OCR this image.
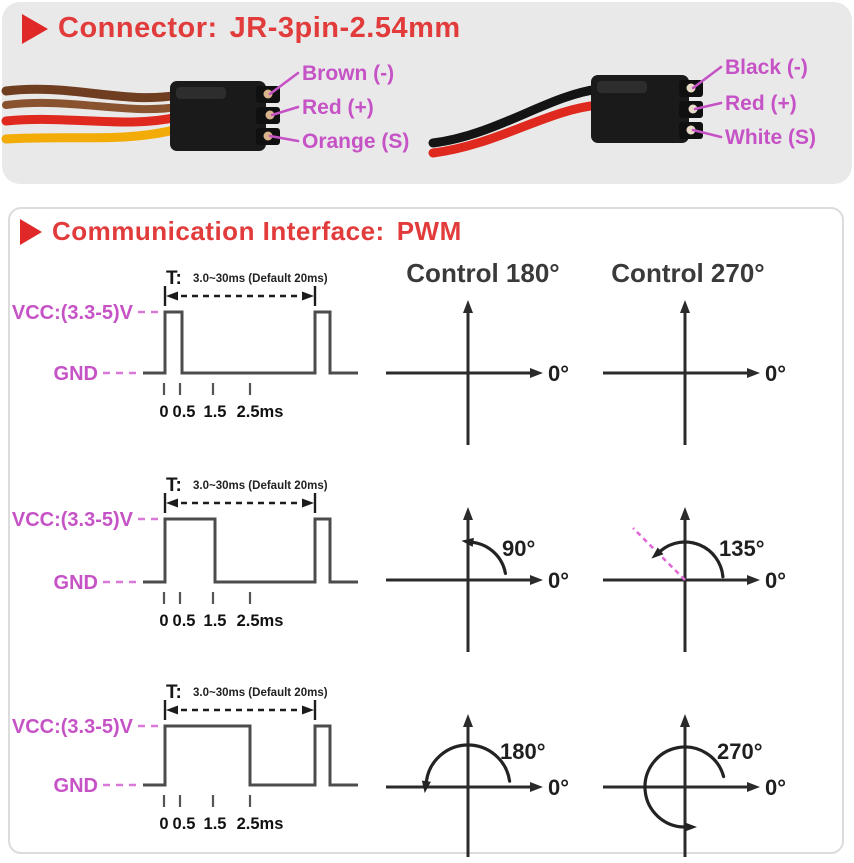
Connector: JR-3pin-2.54mm
Brown (-)
Red (+)
Orange (S)
Black (-)
Red (+)
White (S)
Communication Interface: PWM
Control 180°	Control 270°
T: 3.0~30ms (Default 20ms)
VCC:(3.3-5)V
GND
0 0.5 1.5 2.5ms
0°	0°
T: 3.0~30ms (Default 20ms)
VCC:(3.3-5)V
GND
0 0.5 1.5 2.5ms
90°
0°
135°
0°
T: 3.0~30ms (Default 20ms)
VCC:(3.3-5)V
GND
0 0.5 1.5 2.5ms
180°
0°
270°
0°
